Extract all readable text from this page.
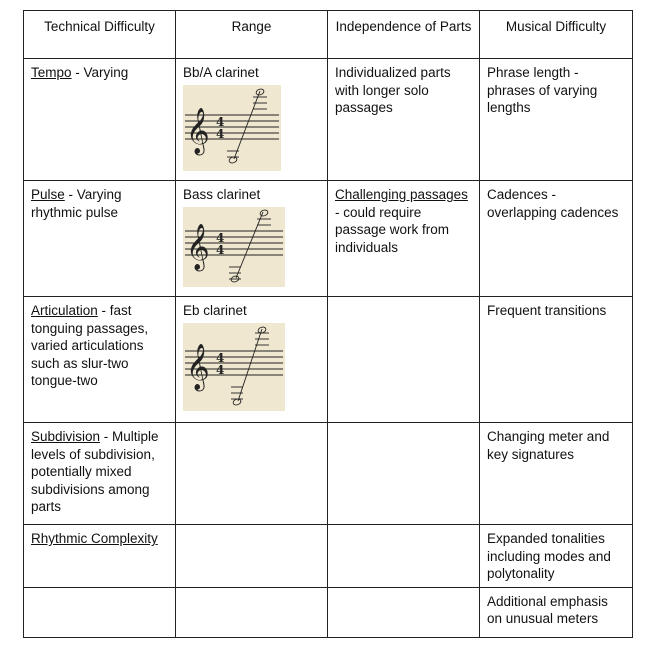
Technical Difficulty	Range	Independence of Parts	Musical Difficulty
Tempo - Varying	Bb/A clarinet
𝄞 4
4	Individualized parts with longer solo passages	Phrase length - phrases of varying lengths
Pulse - Varying rhythmic pulse	Bass clarinet
𝄞 4
4	Challenging passages - could require passage work from individuals	Cadences - overlapping cadences
Articulation - fast tonguing passages, varied articulations such as slur-two tongue-two	Eb clarinet
𝄞 4
4		Frequent transitions
Subdivision - Multiple levels of subdivision, potentially mixed subdivisions among parts			Changing meter and key signatures
Rhythmic Complexity			Expanded tonalities including modes and polytonality
			Additional emphasis on unusual meters
